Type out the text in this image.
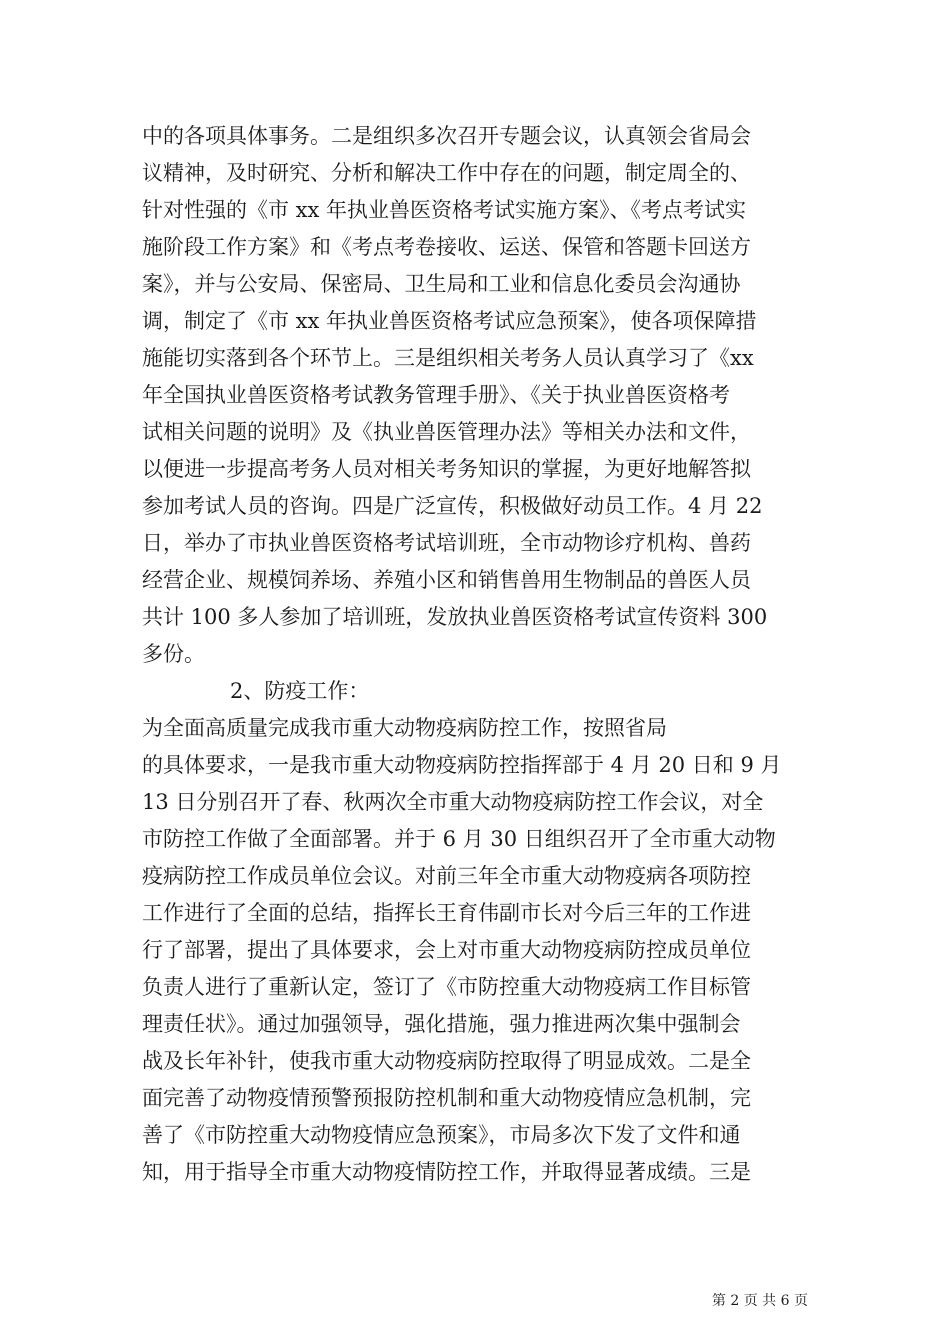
中的各项具体事务。二是组织多次召开专题会议，认真领会省局会
议精神，及时研究、分析和解决工作中存在的问题，制定周全的、
针对性强的《市 xx 年执业兽医资格考试实施方案》、《考点考试实
施阶段工作方案》和《考点考卷接收、运送、保管和答题卡回送方
案》，并与公安局、保密局、卫生局和工业和信息化委员会沟通协
调，制定了《市 xx 年执业兽医资格考试应急预案》，使各项保障措
施能切实落到各个环节上。三是组织相关考务人员认真学习了《xx
年全国执业兽医资格考试教务管理手册》、《关于执业兽医资格考
试相关问题的说明》及《执业兽医管理办法》等相关办法和文件，
以便进一步提高考务人员对相关考务知识的掌握，为更好地解答拟
参加考试人员的咨询。四是广泛宣传，积极做好动员工作。4 月 22
日，举办了市执业兽医资格考试培训班，全市动物诊疗机构、兽药
经营企业、规模饲养场、养殖小区和销售兽用生物制品的兽医人员
共计 100 多人参加了培训班，发放执业兽医资格考试宣传资料 300
多份。

2、防疫工作：

为全面高质量完成我市重大动物疫病防控工作，按照省局
的具体要求，一是我市重大动物疫病防控指挥部于 4 月 20 日和 9 月
13 日分别召开了春、秋两次全市重大动物疫病防控工作会议，对全
市防控工作做了全面部署。并于 6 月 30 日组织召开了全市重大动物
疫病防控工作成员单位会议。对前三年全市重大动物疫病各项防控
工作进行了全面的总结，指挥长王育伟副市长对今后三年的工作进
行了部署，提出了具体要求，会上对市重大动物疫病防控成员单位
负责人进行了重新认定，签订了《市防控重大动物疫病工作目标管
理责任状》。通过加强领导，强化措施，强力推进两次集中强制会
战及长年补针，使我市重大动物疫病防控取得了明显成效。二是全
面完善了动物疫情预警预报防控机制和重大动物疫情应急机制，完
善了《市防控重大动物疫情应急预案》，市局多次下发了文件和通
知，用于指导全市重大动物疫情防控工作，并取得显著成绩。三是

第 2 页 共 6 页
